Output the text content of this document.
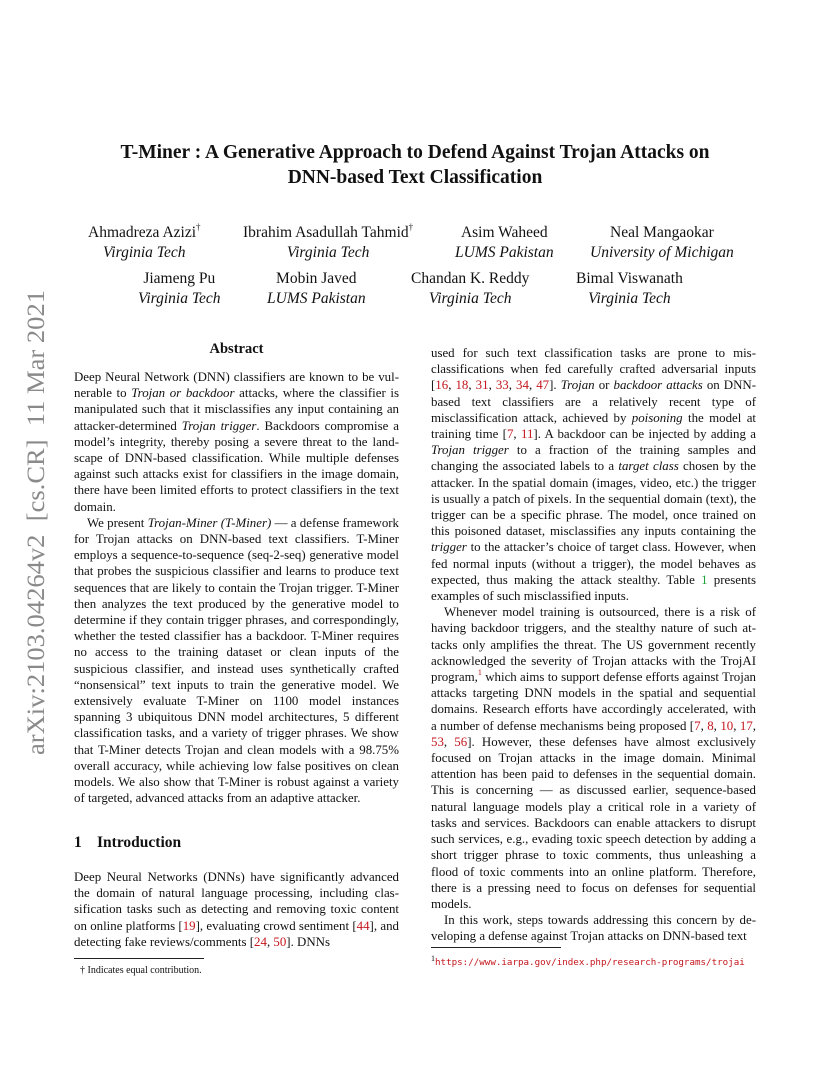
arXiv:2103.04264v2  [cs.CR]  11 Mar 2021
T-Miner : A Generative Approach to Defend Against Trojan Attacks on
DNN-based Text Classification
Ahmadreza Azizi†
Virginia Tech
Ibrahim Asadullah Tahmid†
Virginia Tech
Asim Waheed
LUMS Pakistan
Neal Mangaokar
University of Michigan
Jiameng Pu
Virginia Tech
Mobin Javed
LUMS Pakistan
Chandan K. Reddy
Virginia Tech
Bimal Viswanath
Virginia Tech
Abstract

Deep Neural Network (DNN) classifiers are known to be vulnerable to Trojan or backdoor attacks, where the classifier is manipulated such that it misclassifies any input containing an attacker-determined Trojan trigger. Backdoors compromise a model’s integrity, thereby posing a severe threat to the landscape of DNN-based classification. While multiple defenses against such attacks exist for classifiers in the image domain, there have been limited efforts to protect classifiers in the text domain.

We present Trojan-Miner (T-Miner) — a defense framework for Trojan attacks on DNN-based text classifiers. T-Miner employs a sequence-to-sequence (seq-2-seq) generative model that probes the suspicious classifier and learns to produce text sequences that are likely to contain the Trojan trigger. T-Miner then analyzes the text produced by the generative model to determine if they contain trigger phrases, and correspondingly, whether the tested classifier has a backdoor. T-Miner requires no access to the training dataset or clean inputs of the suspicious classifier, and instead uses synthetically crafted “nonsensical” text inputs to train the generative model. We extensively evaluate T-Miner on 1100 model instances spanning 3 ubiquitous DNN model architectures, 5 different classification tasks, and a variety of trigger phrases. We show that T-Miner detects Trojan and clean models with a 98.75% overall accuracy, while achieving low false positives on clean models. We also show that T-Miner is robust against a variety of targeted, advanced attacks from an adaptive attacker.

1 Introduction

Deep Neural Networks (DNNs) have significantly advanced the domain of natural language processing, including classification tasks such as detecting and removing toxic content on online platforms [19], evaluating crowd sentiment [44], and detecting fake reviews/comments [24, 50]. DNNs

† Indicates equal contribution.

used for such text classification tasks are prone to misclassifications when fed carefully crafted adversarial inputs [16, 18, 31, 33, 34, 47]. Trojan or backdoor attacks on DNN-based text classifiers are a relatively recent type of misclassification attack, achieved by poisoning the model at training time [7, 11]. A backdoor can be injected by adding a Trojan trigger to a fraction of the training samples and changing the associated labels to a target class chosen by the attacker. In the spatial domain (images, video, etc.) the trigger is usually a patch of pixels. In the sequential domain (text), the trigger can be a specific phrase. The model, once trained on this poisoned dataset, misclassifies any inputs containing the trigger to the attacker’s choice of target class. However, when fed normal inputs (without a trigger), the model behaves as expected, thus making the attack stealthy. Table 1 presents examples of such misclassified inputs.

Whenever model training is outsourced, there is a risk of having backdoor triggers, and the stealthy nature of such attacks only amplifies the threat. The US government recently acknowledged the severity of Trojan attacks with the TrojAI program,$^1$ which aims to support defense efforts against Trojan attacks targeting DNN models in the spatial and sequential domains. Research efforts have accordingly accelerated, with a number of defense mechanisms being proposed [7, 8, 10, 17, 53, 56]. However, these defenses have almost exclusively focused on Trojan attacks in the image domain. Minimal attention has been paid to defenses in the sequential domain. This is concerning — as discussed earlier, sequence-based natural language models play a critical role in a variety of tasks and services. Backdoors can enable attackers to disrupt such services, e.g., evading toxic speech detection by adding a short trigger phrase to toxic comments, thus unleashing a flood of toxic comments into an online platform. Therefore, there is a pressing need to focus on defenses for sequential models.

In this work, steps towards addressing this concern by developing a defense against Trojan attacks on DNN-based text

$^1$https://www.iarpa.gov/index.php/research-programs/trojai
